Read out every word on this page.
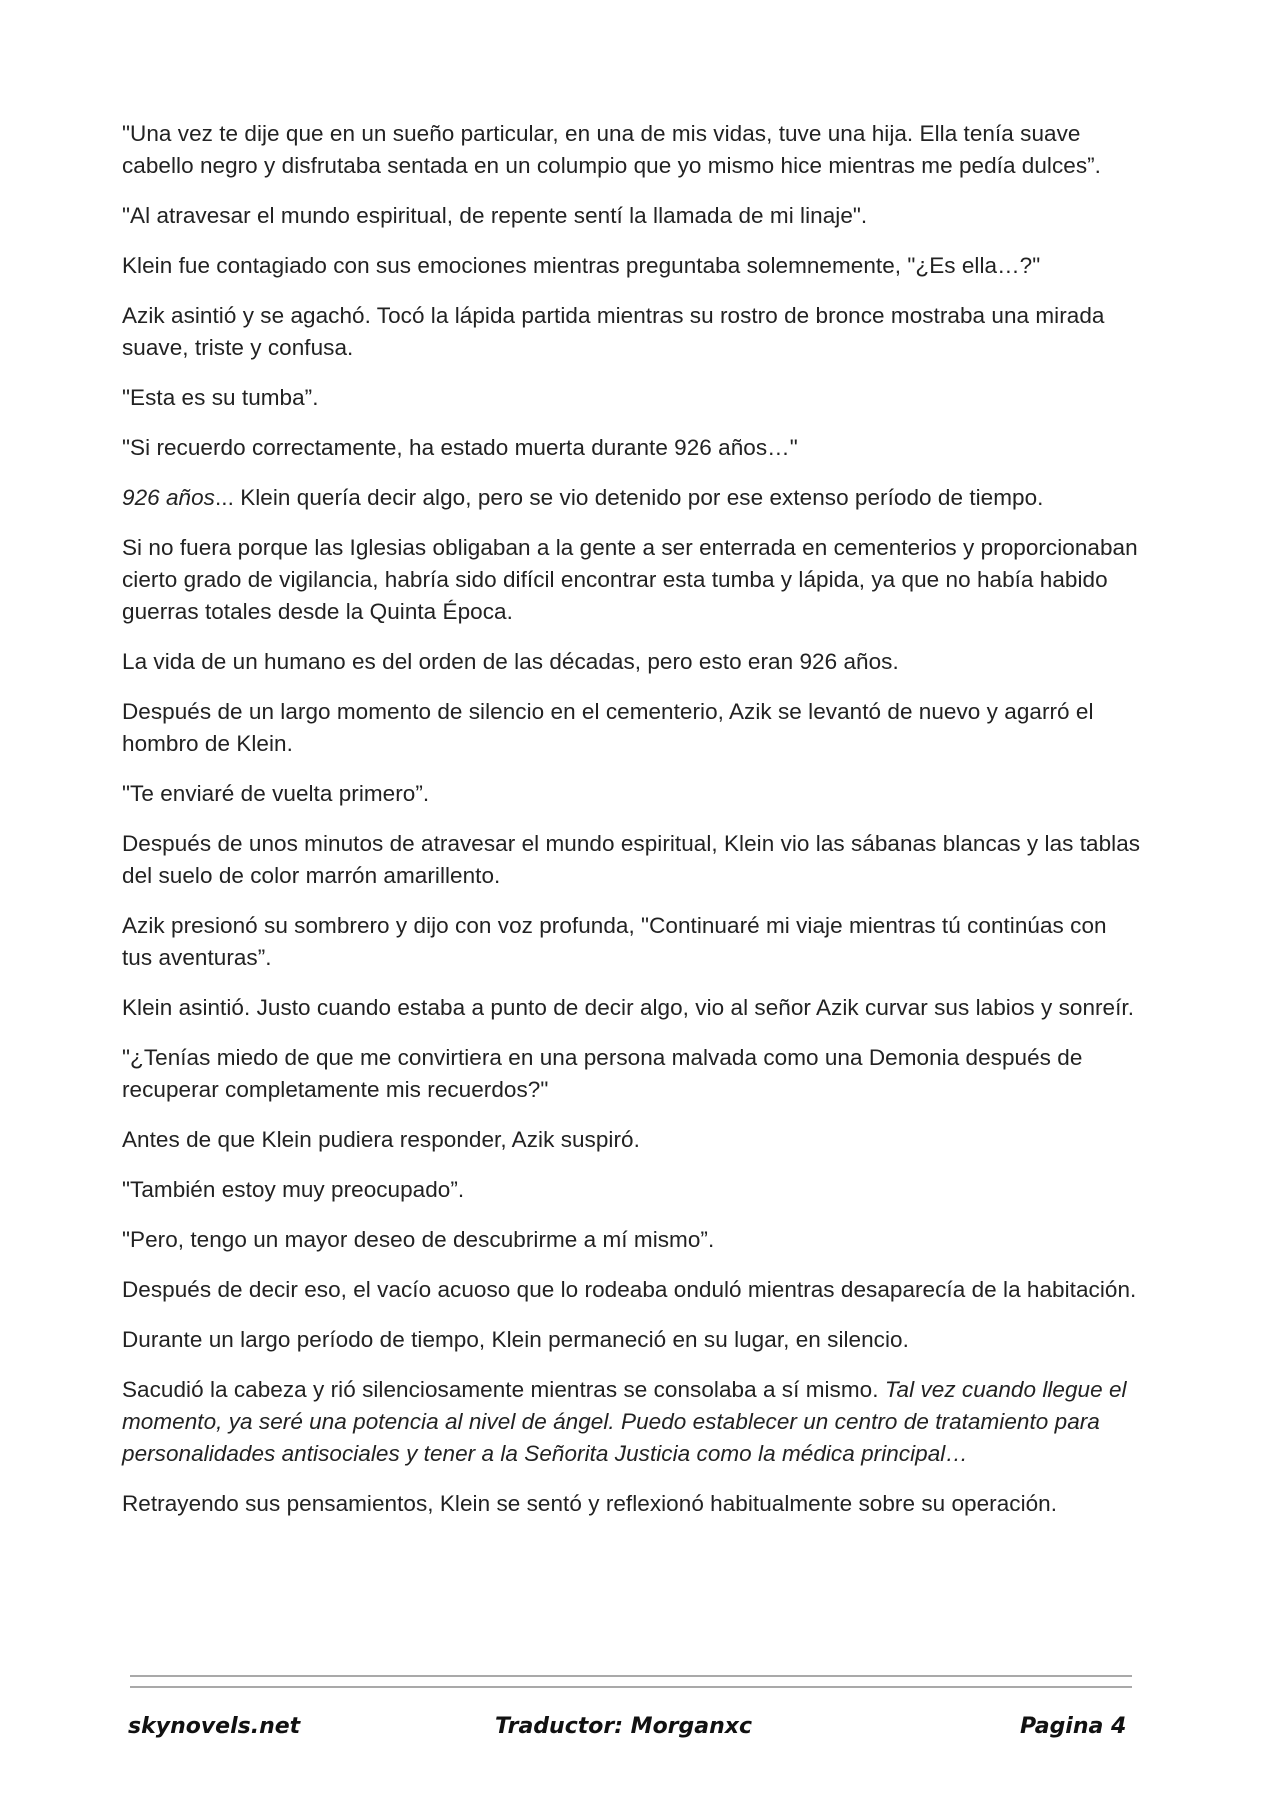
"Una vez te dije que en un sueño particular, en una de mis vidas, tuve una hija. Ella tenía suave cabello negro y disfrutaba sentada en un columpio que yo mismo hice mientras me pedía dulces”.

"Al atravesar el mundo espiritual, de repente sentí la llamada de mi linaje".

Klein fue contagiado con sus emociones mientras preguntaba solemnemente, "¿Es ella…?"

Azik asintió y se agachó. Tocó la lápida partida mientras su rostro de bronce mostraba una mirada suave, triste y confusa.

"Esta es su tumba”.

"Si recuerdo correctamente, ha estado muerta durante 926 años…"

926 años... Klein quería decir algo, pero se vio detenido por ese extenso período de tiempo.

Si no fuera porque las Iglesias obligaban a la gente a ser enterrada en cementerios y proporcionaban cierto grado de vigilancia, habría sido difícil encontrar esta tumba y lápida, ya que no había habido guerras totales desde la Quinta Época.

La vida de un humano es del orden de las décadas, pero esto eran 926 años.

Después de un largo momento de silencio en el cementerio, Azik se levantó de nuevo y agarró el hombro de Klein.

"Te enviaré de vuelta primero”.

Después de unos minutos de atravesar el mundo espiritual, Klein vio las sábanas blancas y las tablas del suelo de color marrón amarillento.

Azik presionó su sombrero y dijo con voz profunda, "Continuaré mi viaje mientras tú continúas con tus aventuras”.

Klein asintió. Justo cuando estaba a punto de decir algo, vio al señor Azik curvar sus labios y sonreír.

"¿Tenías miedo de que me convirtiera en una persona malvada como una Demonia después de recuperar completamente mis recuerdos?"

Antes de que Klein pudiera responder, Azik suspiró.

"También estoy muy preocupado”.

"Pero, tengo un mayor deseo de descubrirme a mí mismo”.

Después de decir eso, el vacío acuoso que lo rodeaba onduló mientras desaparecía de la habitación.

Durante un largo período de tiempo, Klein permaneció en su lugar, en silencio.

Sacudió la cabeza y rió silenciosamente mientras se consolaba a sí mismo. Tal vez cuando llegue el momento, ya seré una potencia al nivel de ángel. Puedo establecer un centro de tratamiento para personalidades antisociales y tener a la Señorita Justicia como la médica principal…

Retrayendo sus pensamientos, Klein se sentó y reflexionó habitualmente sobre su operación.

skynovels.net	Traductor: Morganxc	Pagina 4
